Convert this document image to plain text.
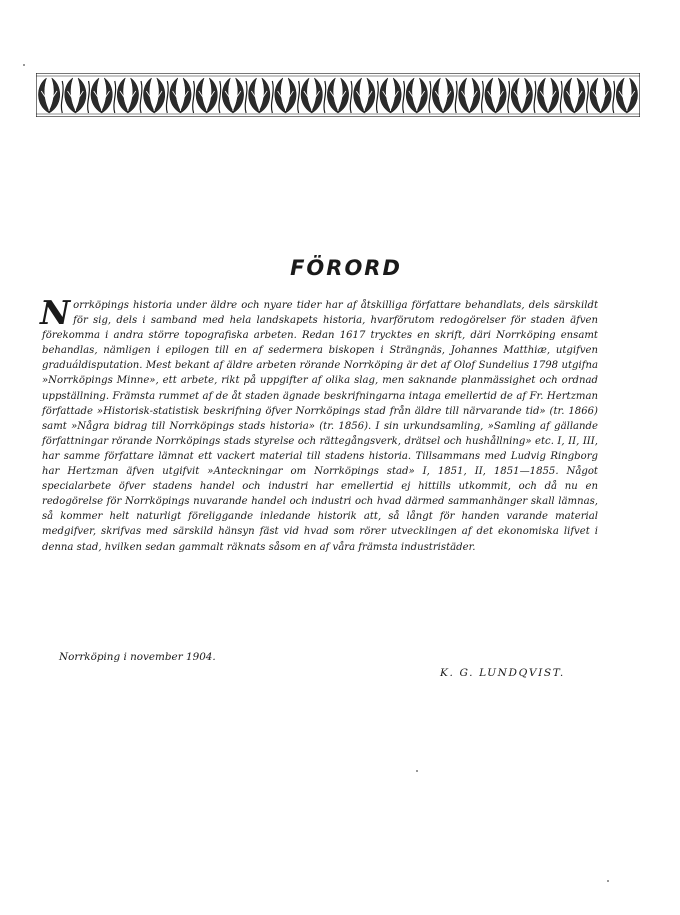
FÖRORD

Norrköpings historia under äldre och nyare tider har af åtskilliga författare behandlats, dels särskildt för sig, dels i samband med hela landskapets historia, hvarförutom redogörelser för staden äfven förekomma i andra större topografiska arbeten. Redan 1617 trycktes en skrift, däri Norrköping ensamt behandlas, nämligen i epilogen till en af sedermera biskopen i Strängnäs, Johannes Matthiæ, utgifven graduáldisputation. Mest bekant af äldre arbeten rörande Norrköping är det af Olof Sundelius 1798 utgifna »Norrköpings Minne», ett arbete, rikt på uppgifter af olika slag, men saknande planmässighet och ordnad uppställning. Främsta rummet af de åt staden ägnade beskrifningarna intaga emellertid de af Fr. Hertzman författade »Historisk-statistisk beskrifning öfver Norrköpings stad från äldre till närvarande tid» (tr. 1866) samt »Några bidrag till Norrköpings stads historia» (tr. 1856). I sin urkundsamling, »Samling af gällande författningar rörande Norrköpings stads styrelse och rättegångsverk, drätsel och hushållning» etc. I, II, III, har samme författare lämnat ett vackert material till stadens historia. Tillsammans med Ludvig Ringborg har Hertzman äfven utgifvit »Anteckningar om Norrköpings stad» I, 1851, II, 1851—1855. Något specialarbete öfver stadens handel och industri har emellertid ej hittills utkommit, och då nu en redogörelse för Norrköpings nuvarande handel och industri och hvad därmed sammanhänger skall lämnas, så kommer helt naturligt föreliggande inledande historik att, så långt för handen varande material medgifver, skrifvas med särskild hänsyn fäst vid hvad som rörer utvecklingen af det ekonomiska lifvet i denna stad, hvilken sedan gammalt räknats såsom en af våra främsta industristäder.

Norrköping i november 1904.
K. G. LUNDQVIST.
